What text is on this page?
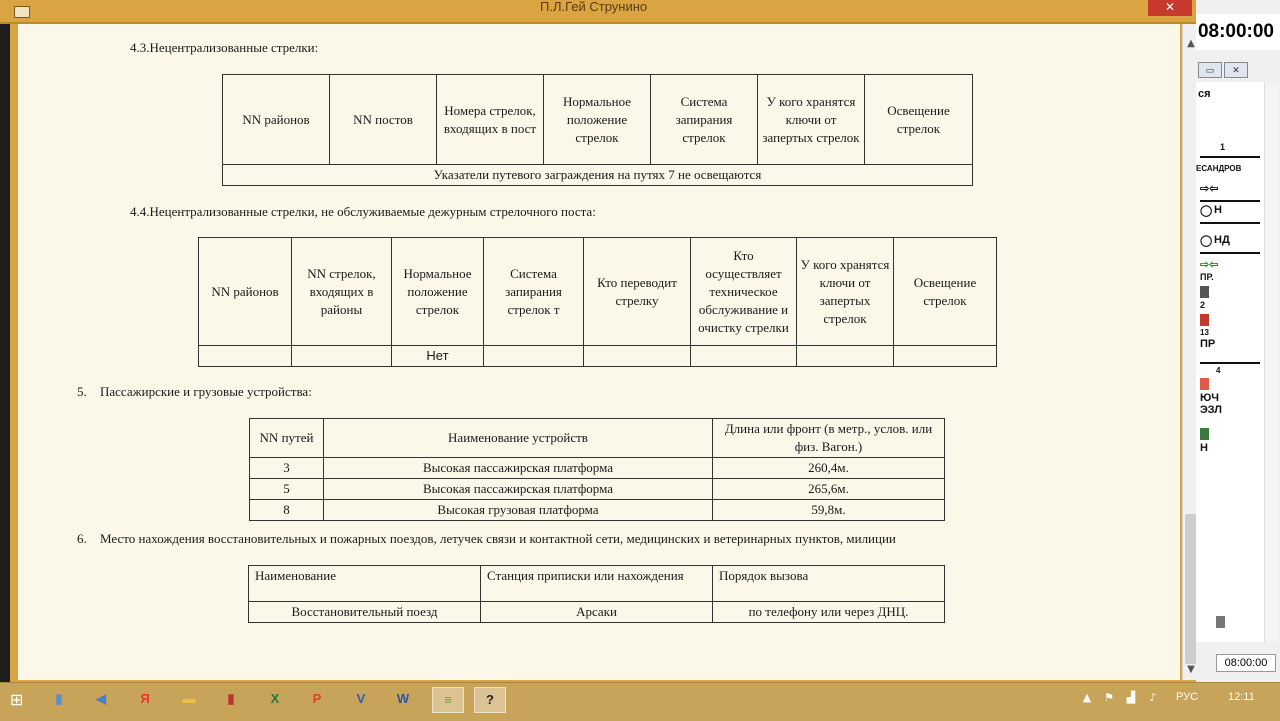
П.Л.Гей Струнино	✕
4.3.Нецентрализованные стрелки:
NN районов	NN постов	Номера стрелок, входящих в пост	Нормальное положение стрелок	Система запирания стрелок	У кого хранятся ключи от запертых стрелок	Освещение стрелок
Указатели путевого заграждения на путях 7 не освещаются
4.4.Нецентрализованные стрелки, не обслуживаемые дежурным стрелочного поста:
NN районов	NN стрелок, входящих в районы	Нормальное положение стрелок	Система запирания стрелок т	Кто переводит стрелку	Кто осуществляет техническое обслуживание и очистку стрелки	У кого хранятся ключи от запертых стрелок	Освещение стрелок
		Нет					
5. Пассажирские и грузовые устройства:
NN путей	Наименование устройств	Длина или фронт (в метр., услов. или физ. Вагон.)
3	Высокая пассажирская платформа	260,4м.
5	Высокая пассажирская платформа	265,6м.
8	Высокая грузовая платформа	59,8м.
6. Место нахождения восстановительных и пожарных поездов, летучек связи и контактной сети, медицинских и ветеринарных пунктов, милиции
Наименование	Станция приписки или нахождения	Порядок вызова
Восстановительный поезд	Арсаки	по телефону или через ДНЦ.
▲
▼
08:00:00
▭	✕
ся
1
ЕСАНДРОВ
⇨⇦
◯ Н
◯ НД
⇨⇦
ПР.
2
13
ПР
4
ЮЧ
ЭЗЛ
Н
08:00:00
⊞	▮	◀	Я	▬	▮	X	P	V	W	≡	?	▲ ⚑ ▟	♪	РУС	12:11
